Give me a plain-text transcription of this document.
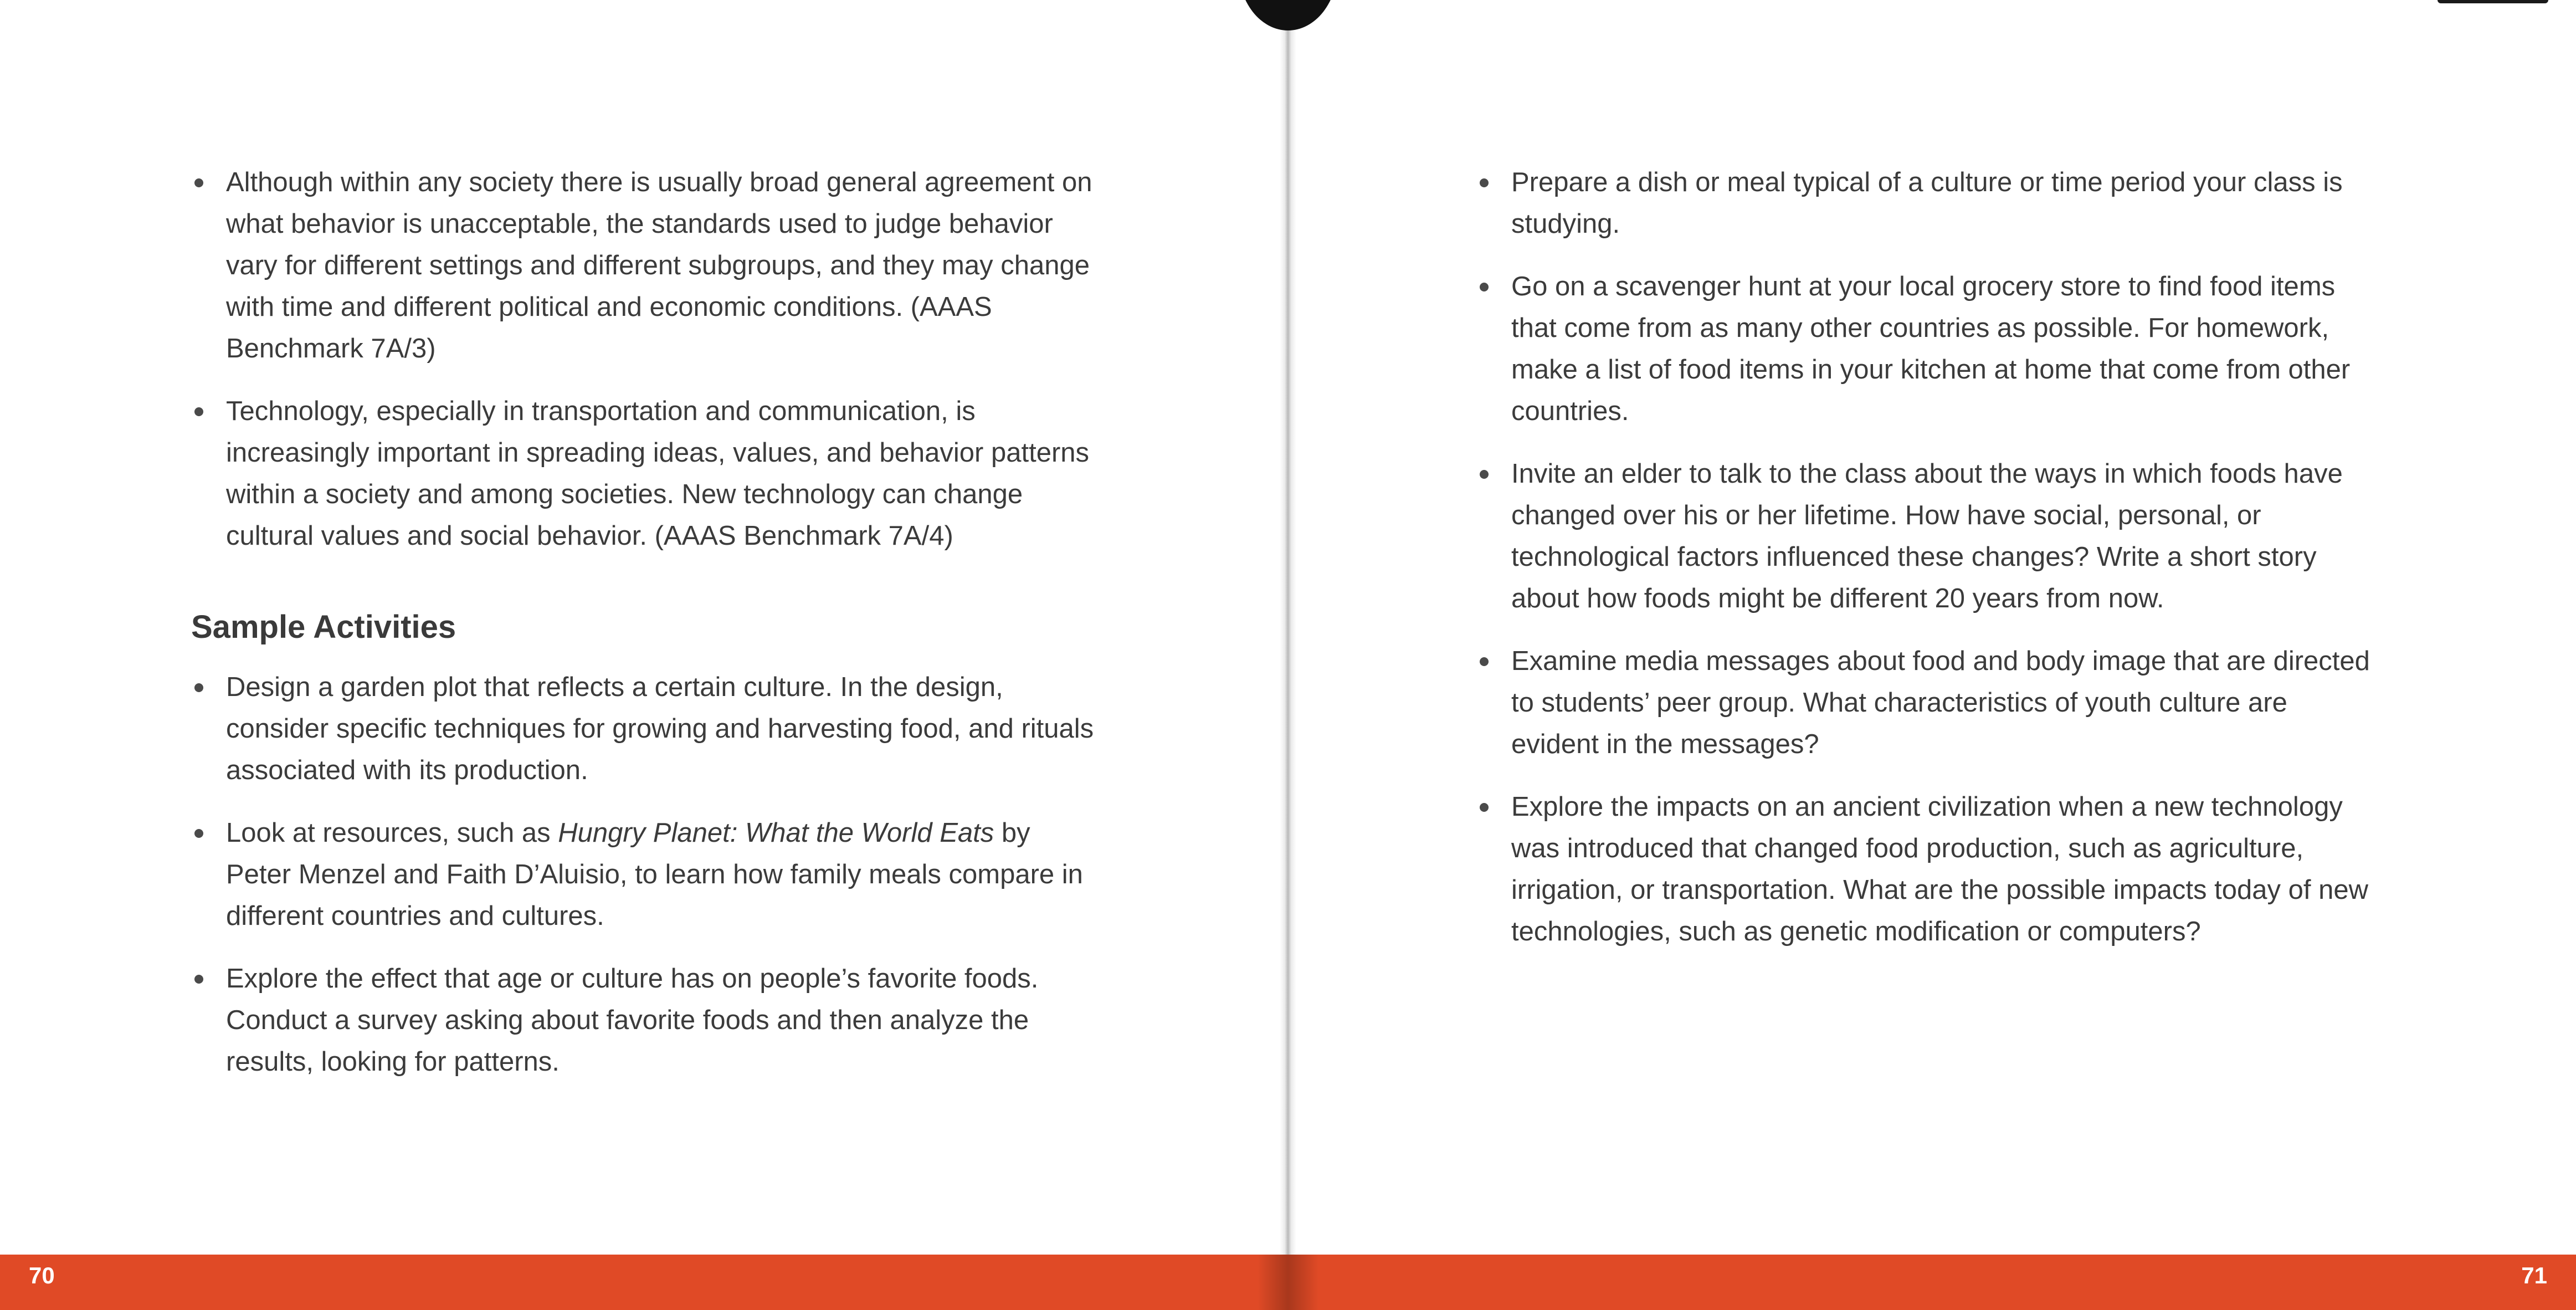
Although within any society there is usually broad general agreement on what behavior is unacceptable, the standards used to judge behavior vary for different settings and different subgroups, and they may change with time and different political and economic conditions. (AAAS Benchmark 7A/3)
Technology, especially in transportation and communication, is increasingly important in spreading ideas, values, and behavior patterns within a society and among societies. New technology can change cultural values and social behavior. (AAAS Benchmark 7A/4)
Sample Activities
Design a garden plot that reflects a certain culture. In the design, consider specific techniques for growing and harvesting food, and rituals associated with its production.
Look at resources, such as Hungry Planet: What the World Eats by Peter Menzel and Faith D’Aluisio, to learn how family meals compare in different countries and cultures.
Explore the effect that age or culture has on people’s favorite foods. Conduct a survey asking about favorite foods and then analyze the results, looking for patterns.
Prepare a dish or meal typical of a culture or time period your class is studying.
Go on a scavenger hunt at your local grocery store to find food items that come from as many other countries as possible. For homework, make a list of food items in your kitchen at home that come from other countries.
Invite an elder to talk to the class about the ways in which foods have changed over his or her lifetime. How have social, personal, or technological factors influenced these changes? Write a short story about how foods might be different 20 years from now.
Examine media messages about food and body image that are directed to students’ peer group. What characteristics of youth culture are evident in the messages?
Explore the impacts on an ancient civilization when a new technology was introduced that changed food production, such as agriculture, irrigation, or transportation. What are the possible impacts today of new technologies, such as genetic modification or computers?
70	71
